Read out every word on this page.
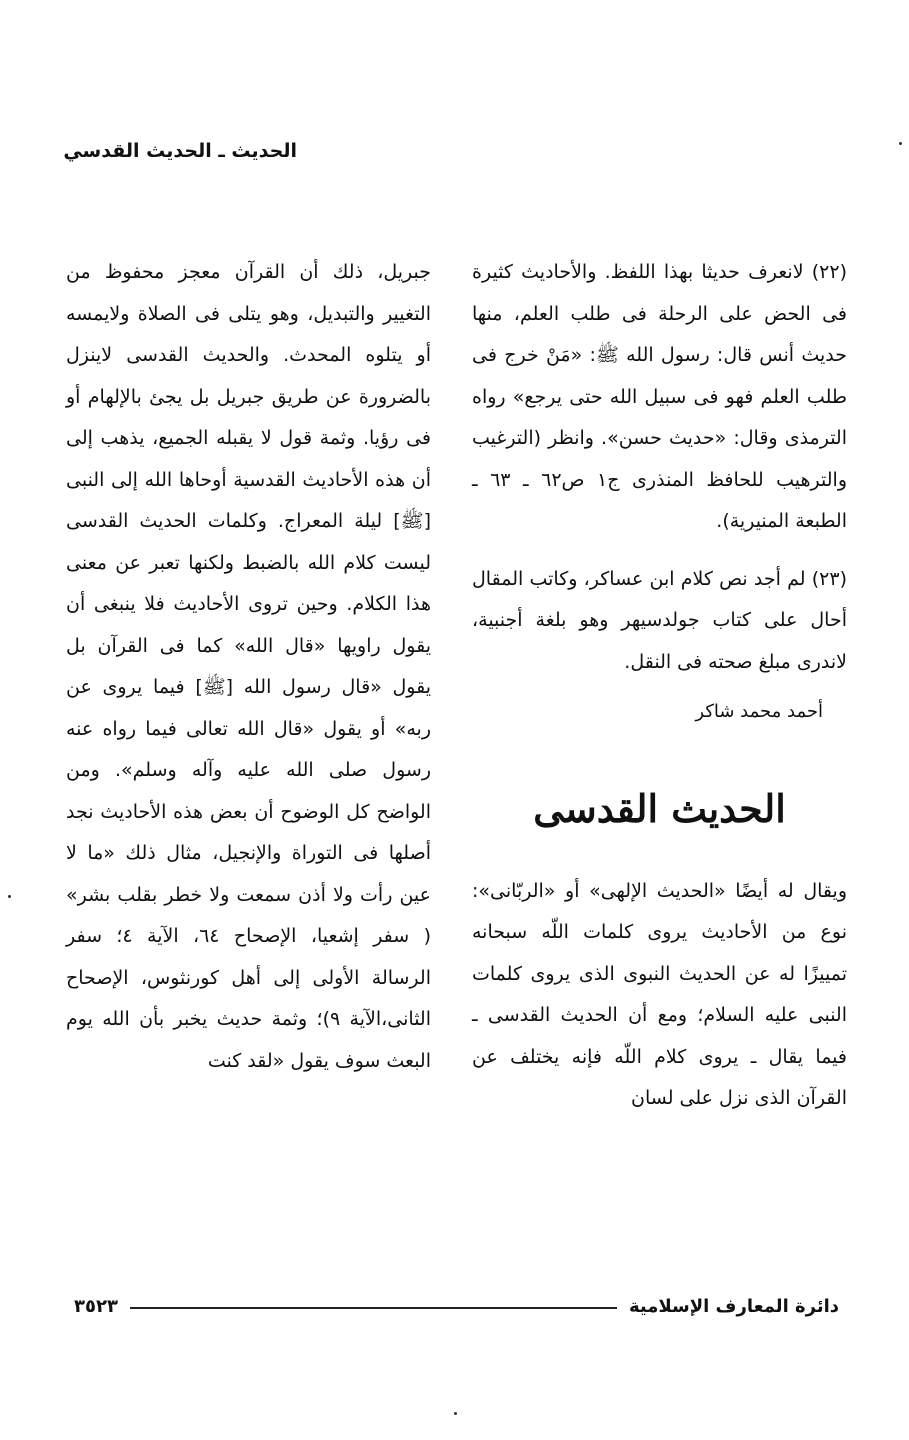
الحديث ـ الحديث القدسي

(٢٢) لانعرف حديثا بهذا اللفظ. والأحاديث كثيرة فى الحض على الرحلة فى طلب العلم، منها حديث أنس قال: رسول الله ﷺ: «مَنْ خرج فى طلب العلم فهو فى سبيل الله حتى يرجع» رواه الترمذى وقال: «حديث حسن». وانظر (الترغيب والترهيب للحافظ المنذرى ج١ ص٦٢ ـ ٦٣ ـ الطبعة المنيرية).

(٢٣) لم أجد نص كلام ابن عساكر، وكاتب المقال أحال على كتاب جولدسيهر وهو بلغة أجنبية، لاندرى مبلغ صحته فى النقل.

أحمد محمد شاكر

الحديث القدسى

ويقال له أيضًا «الحديث الإلهى» أو «الربّانى»: نوع من الأحاديث يروى كلمات اللّه سبحانه تمييزًا له عن الحديث النبوى الذى يروى كلمات النبى عليه السلام؛ ومع أن الحديث القدسى ـ فيما يقال ـ يروى كلام اللّه فإنه يختلف عن القرآن الذى نزل على لسان

جبريل، ذلك أن القرآن معجز محفوظ من التغيير والتبديل، وهو يتلى فى الصلاة ولايمسه أو يتلوه المحدث. والحديث القدسى لاينزل بالضرورة عن طريق جبريل بل يجئ بالإلهام أو فى رؤيا. وثمة قول لا يقبله الجميع، يذهب إلى أن هذه الأحاديث القدسية أوحاها الله إلى النبى [ﷺ] ليلة المعراج. وكلمات الحديث القدسى ليست كلام الله بالضبط ولكنها تعبر عن معنى هذا الكلام. وحين تروى الأحاديث فلا ينبغى أن يقول راويها «قال الله» كما فى القرآن بل يقول «قال رسول الله [ﷺ] فيما يروى عن ربه» أو يقول «قال الله تعالى فيما رواه عنه رسول صلى الله عليه وآله وسلم». ومن الواضح كل الوضوح أن بعض هذه الأحاديث نجد أصلها فى التوراة والإنجيل، مثال ذلك «ما لا عين رأت ولا أذن سمعت ولا خطر بقلب بشر» ( سفر إشعيا، الإصحاح ٦٤، الآية ٤؛ سفر الرسالة الأولى إلى أهل كورنثوس، الإصحاح الثانى،الآية ٩)؛ وثمة حديث يخبر بأن الله يوم البعث سوف يقول «لقد كنت

دائرة المعارف الإسلامية
٣٥٢٣
